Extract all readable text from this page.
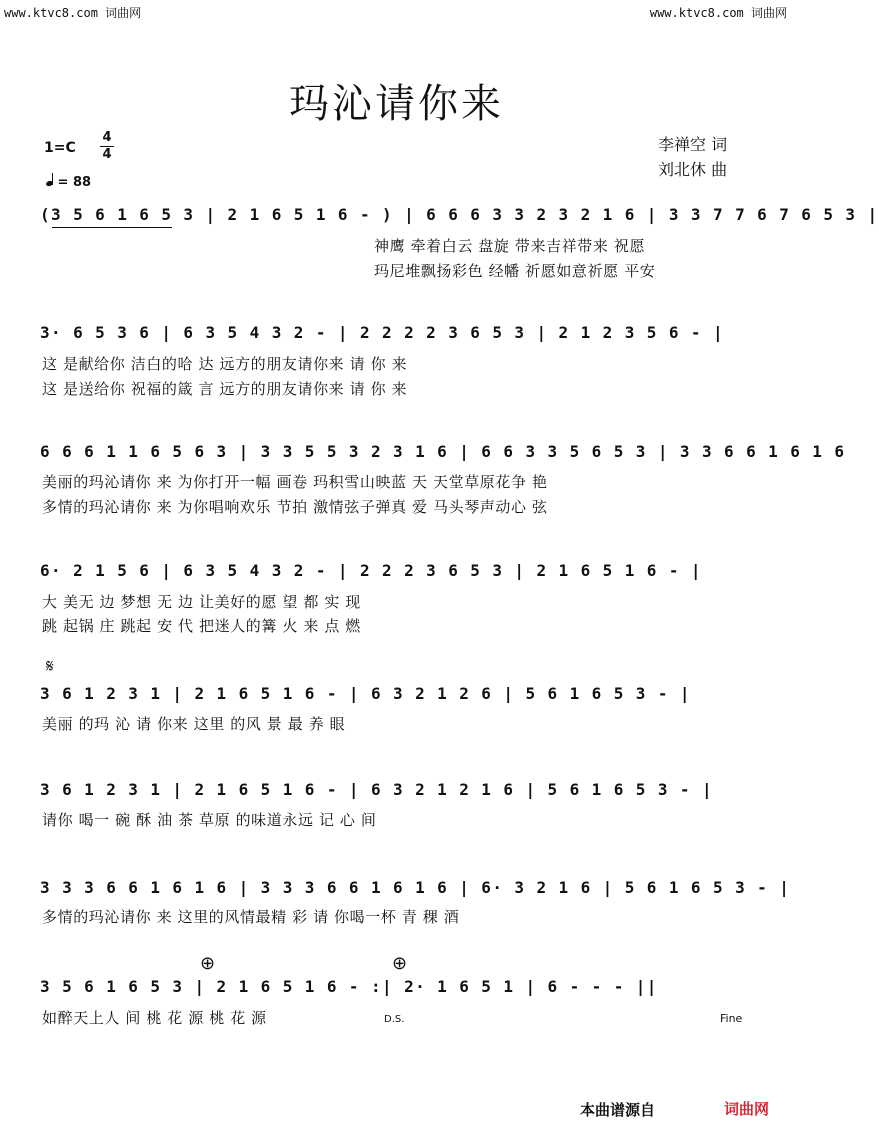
www.ktvc8.com 词曲网	www.ktvc8.com 词曲网
玛沁请你来
李禅空 词
刘北休 曲
1=C
4
4
= 88
(3 5 6 1 6 5 3 | 2 1 6 5 1 6 - ) | 6 6 6 3 3 2 3 2 1 6 | 3 3 7 7 6 7 6 5 3 |
神鹰 牵着白云 盘旋 带来吉祥带来 祝愿
玛尼堆飘扬彩色 经幡 祈愿如意祈愿 平安
3· 6 5 3 6 | 6 3 5 4 3 2 - | 2 2 2 2 3 6 5 3 | 2 1 2 3 5 6 - |
这 是献给你 洁白的哈 达 远方的朋友请你来 请 你 来
这 是送给你 祝福的箴 言 远方的朋友请你来 请 你 来
6 6 6 1 1 6 5 6 3 | 3 3 5 5 3 2 3 1 6 | 6 6 3 3 5 6 5 3 | 3 3 6 6 1 6 1 6
美丽的玛沁请你 来 为你打开一幅 画卷 玛积雪山映蓝 天 天堂草原花争 艳
多情的玛沁请你 来 为你唱响欢乐 节拍 激情弦子弹真 爱 马头琴声动心 弦
6· 2 1 5 6 | 6 3 5 4 3 2 - | 2 2 2 3 6 5 3 | 2 1 6 5 1 6 - |
大 美无 边 梦想 无 边 让美好的愿 望 都 实 现
跳 起锅 庄 跳起 安 代 把迷人的篝 火 来 点 燃
𝄋
3 6 1 2 3 1 | 2 1 6 5 1 6 - | 6 3 2 1 2 6 | 5 6 1 6 5 3 - |
美丽 的玛 沁 请 你来 这里 的风 景 最 养 眼
3 6 1 2 3 1 | 2 1 6 5 1 6 - | 6 3 2 1 2 1 6 | 5 6 1 6 5 3 - |
请你 喝一 碗 酥 油 茶 草原 的味道永远 记 心 间
3 3 3 6 6 1 6 1 6 | 3 3 3 6 6 1 6 1 6 | 6· 3 2 1 6 | 5 6 1 6 5 3 - |
多情的玛沁请你 来 这里的风情最精 彩 请 你喝一杯 青 稞 酒
⊕	⊕
3 5 6 1 6 5 3 | 2 1 6 5 1 6 - :| 2· 1 6 5 1 | 6 - - - ||
如醉天上人 间 桃 花 源 桃 花 源	D.S.	Fine
本曲谱源自	词曲网
